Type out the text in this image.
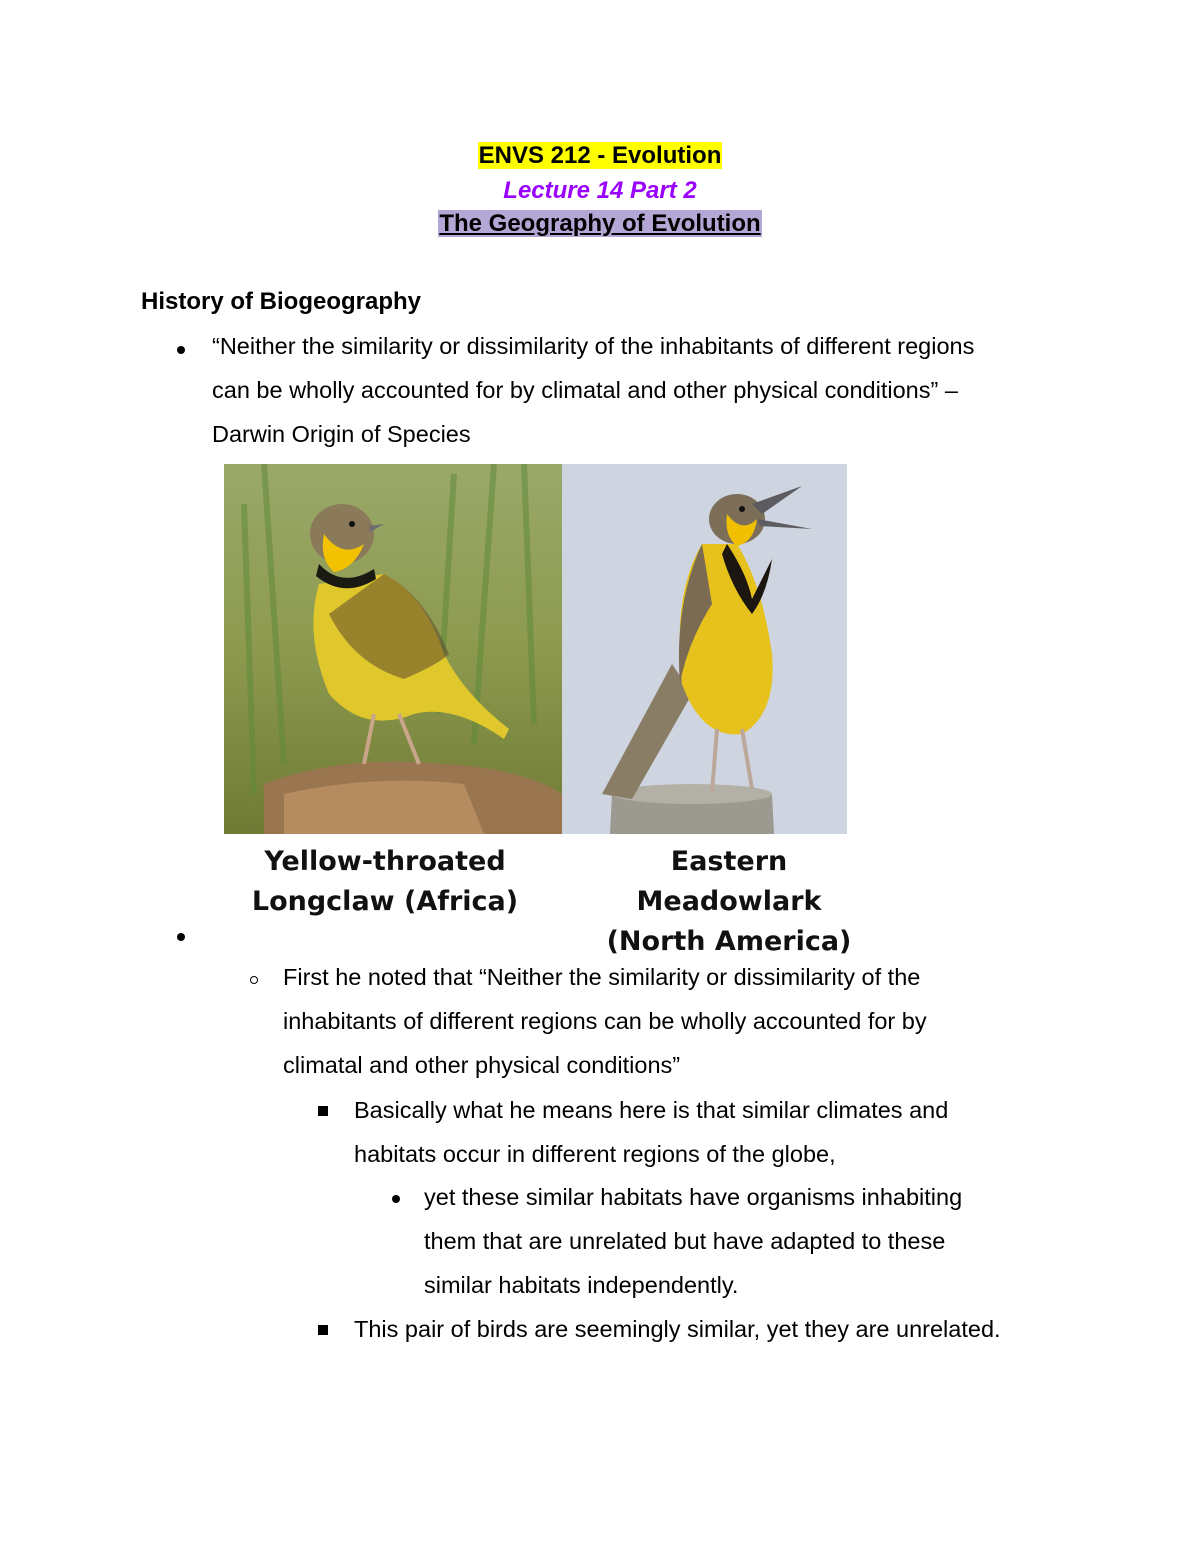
ENVS 212 - Evolution
Lecture 14 Part 2
The Geography of Evolution
History of Biogeography
“Neither the similarity or dissimilarity of the inhabitants of different regions
can be wholly accounted for by climatal and other physical conditions” –
Darwin Origin of Species
Yellow-throated
Longclaw (Africa)
Eastern Meadowlark
(North America)
First he noted that “Neither the similarity or dissimilarity of the
inhabitants of different regions can be wholly accounted for by
climatal and other physical conditions”
Basically what he means here is that similar climates and
habitats occur in different regions of the globe,
yet these similar habitats have organisms inhabiting
them that are unrelated but have adapted to these
similar habitats independently.
This pair of birds are seemingly similar, yet they are unrelated.
